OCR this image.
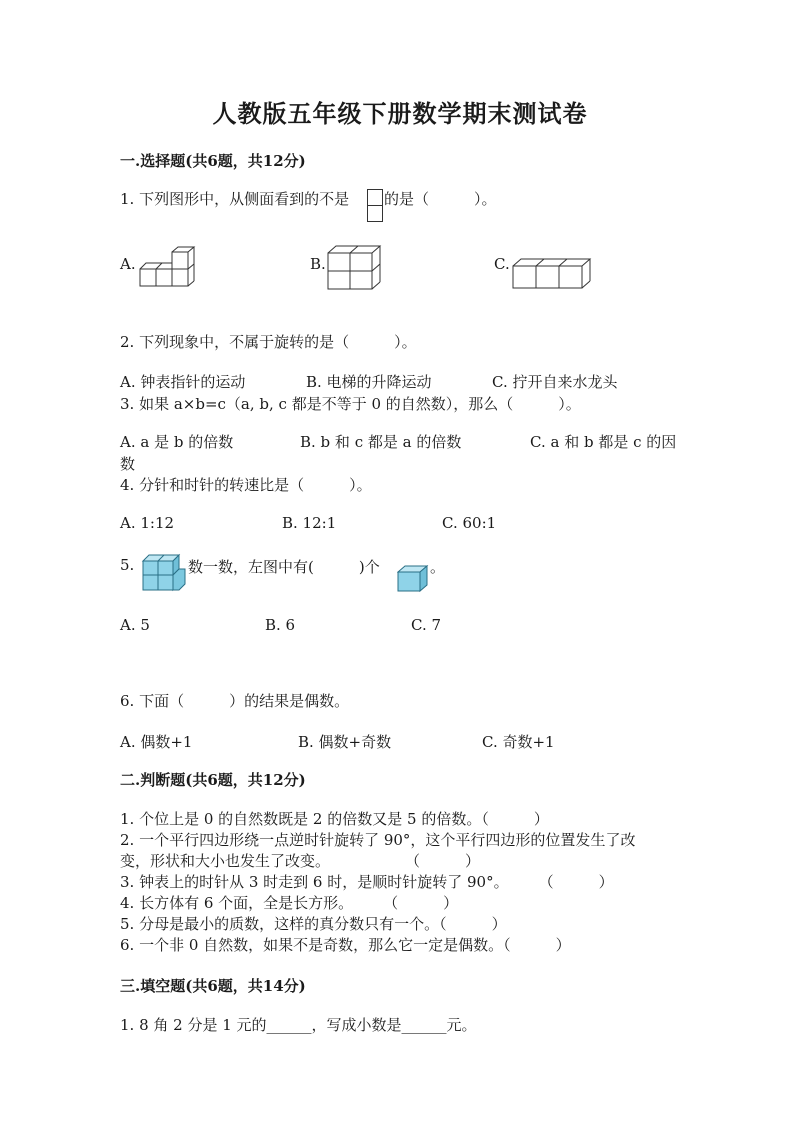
人教版五年级下册数学期末测试卷
一.选择题(共6题，共12分)
1. 下列图形中，从侧面看到的不是 的是（　　　）。
A.	B.	C.
2. 下列现象中，不属于旋转的是（　　　）。
A. 钟表指针的运动	B. 电梯的升降运动	C. 拧开自来水龙头
3. 如果 a×b=c（a, b, c 都是不等于 0 的自然数），那么（　　　）。
A. a 是 b 的倍数	B. b 和 c 都是 a 的倍数	C. a 和 b 都是 c 的因
数
4. 分针和时针的转速比是（　　　）。
A. 1:12	B. 12:1	C. 60:1
5.	数一数，左图中有(　　　)个	。
A. 5	B. 6	C. 7
6. 下面（　　　）的结果是偶数。
A. 偶数+1	B. 偶数+奇数	C. 奇数+1
二.判断题(共6题，共12分)
1. 个位上是 0 的自然数既是 2 的倍数又是 5 的倍数。（　　　）
2. 一个平行四边形绕一点逆时针旋转了 90°，这个平行四边形的位置发生了改
变，形状和大小也发生了改变。　　　　　　（　　　）
3. 钟表上的时针从 3 时走到 6 时，是顺时针旋转了 90°。　　　（　　　）
4. 长方体有 6 个面，全是长方形。　　　（　　　）
5. 分母是最小的质数，这样的真分数只有一个。（　　　）
6. 一个非 0 自然数，如果不是奇数，那么它一定是偶数。（　　　）
三.填空题(共6题，共14分)
1. 8 角 2 分是 1 元的______，写成小数是______元。
